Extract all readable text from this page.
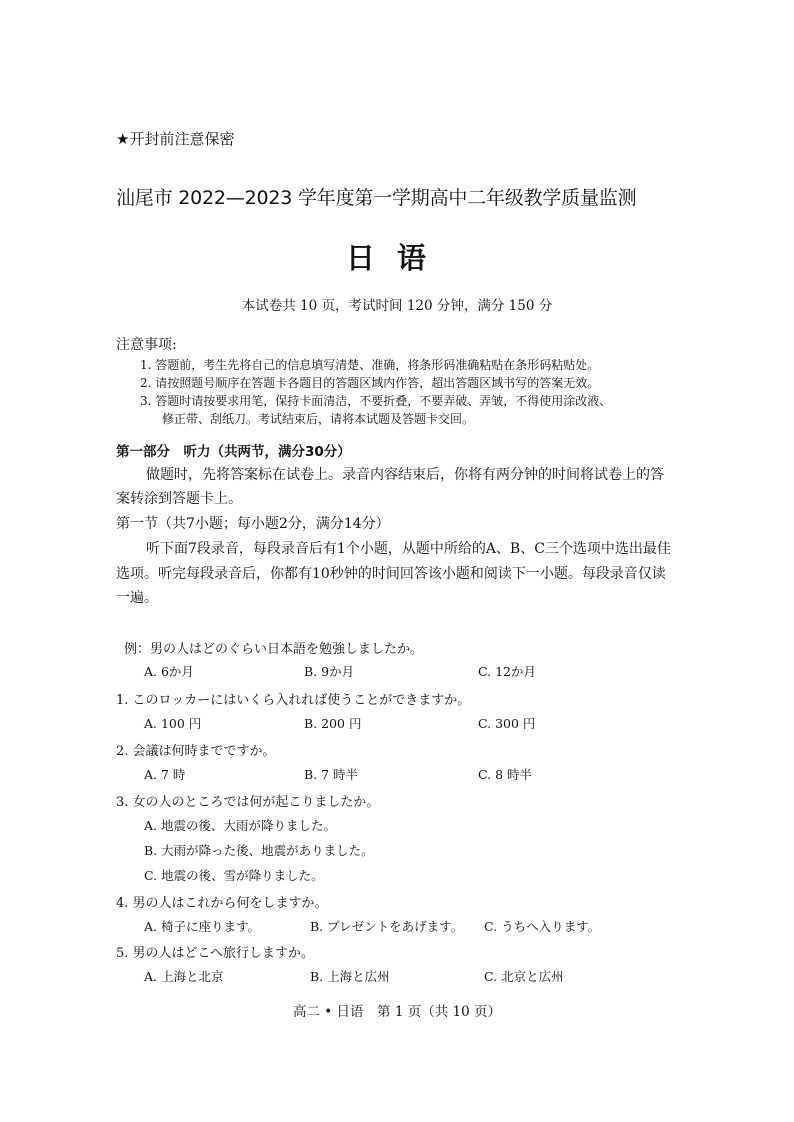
★开封前注意保密
汕尾市 2022—2023 学年度第一学期高中二年级教学质量监测
日语
本试卷共 10 页，考试时间 120 分钟，满分 150 分
注意事项:
1. 答题前，考生先将自己的信息填写清楚、准确，将条形码准确粘贴在条形码粘贴处。
2. 请按照题号顺序在答题卡各题目的答题区域内作答，超出答题区域书写的答案无效。
3. 答题时请按要求用笔，保持卡面清洁，不要折叠，不要弄破、弄皱，不得使用涂改液、
修正带、刮纸刀。考试结束后，请将本试题及答题卡交回。
第一部分　听力（共两节，满分30分）
做题时，先将答案标在试卷上。录音内容结束后，你将有两分钟的时间将试卷上的答
案转涂到答题卡上。
第一节（共7小题；每小题2分，满分14分）
听下面7段录音，每段录音后有1个小题，从题中所给的A、B、C三个选项中选出最佳
选项。听完每段录音后，你都有10秒钟的时间回答该小题和阅读下一小题。每段录音仅读
一遍。
例：男の人はどのぐらい日本語を勉強しましたか。
A. 6か月	B. 9か月	C. 12か月
1. このロッカーにはいくら入れれば使うことができますか。
A. 100 円	B. 200 円	C. 300 円
2. 会議は何時までですか。
A. 7 時	B. 7 時半	C. 8 時半
3. 女の人のところでは何が起こりましたか。
A. 地震の後、大雨が降りました。
B. 大雨が降った後、地震がありました。
C. 地震の後、雪が降りました。
4. 男の人はこれから何をしますか。
A. 椅子に座ります。	B. プレゼントをあげます。 C. うちへ入ります。
5. 男の人はどこへ旅行しますか。
A. 上海と北京	B. 上海と広州	C. 北京と広州
高二 • 日语　第 1 页（共 10 页）
